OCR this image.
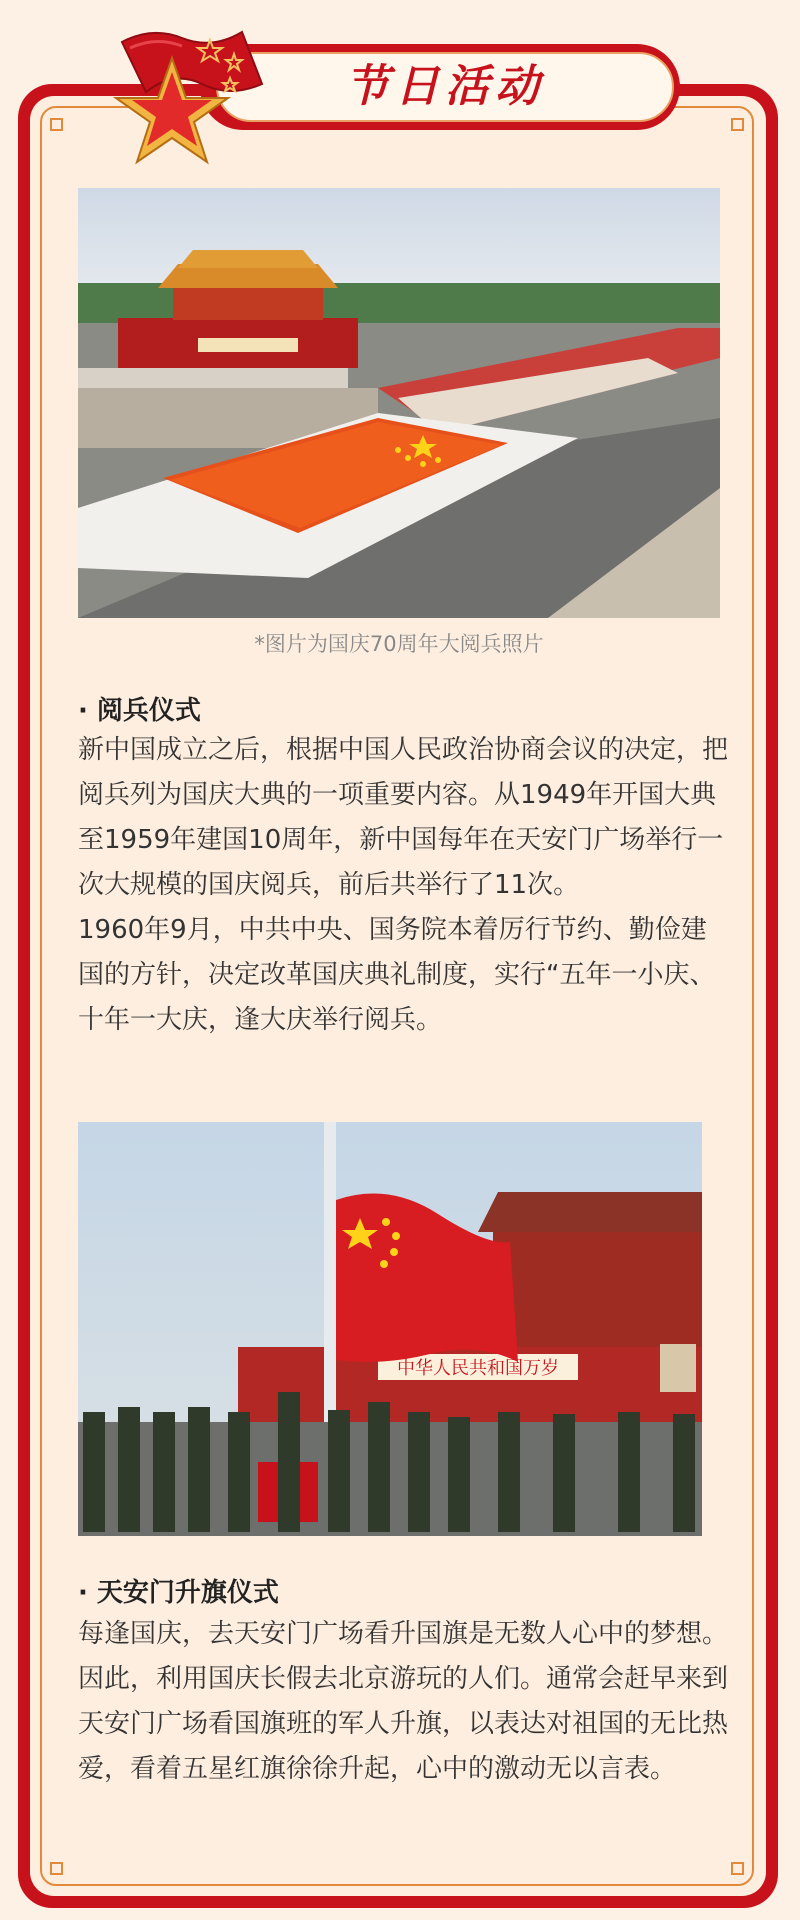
节日活动
*图片为国庆70周年大阅兵照片
· 阅兵仪式

新中国成立之后，根据中国人民政治协商会议的决定，把阅兵列为国庆大典的一项重要内容。从1949年开国大典至1959年建国10周年，新中国每年在天安门广场举行一次大规模的国庆阅兵，前后共举行了11次。

1960年9月，中共中央、国务院本着厉行节约、勤俭建国的方针，决定改革国庆典礼制度，实行“五年一小庆、十年一大庆，逢大庆举行阅兵。

中华人民共和国万岁
· 天安门升旗仪式

每逢国庆，去天安门广场看升国旗是无数人心中的梦想。因此，利用国庆长假去北京游玩的人们。通常会赶早来到天安门广场看国旗班的军人升旗，以表达对祖国的无比热爱，看着五星红旗徐徐升起，心中的激动无以言表。
